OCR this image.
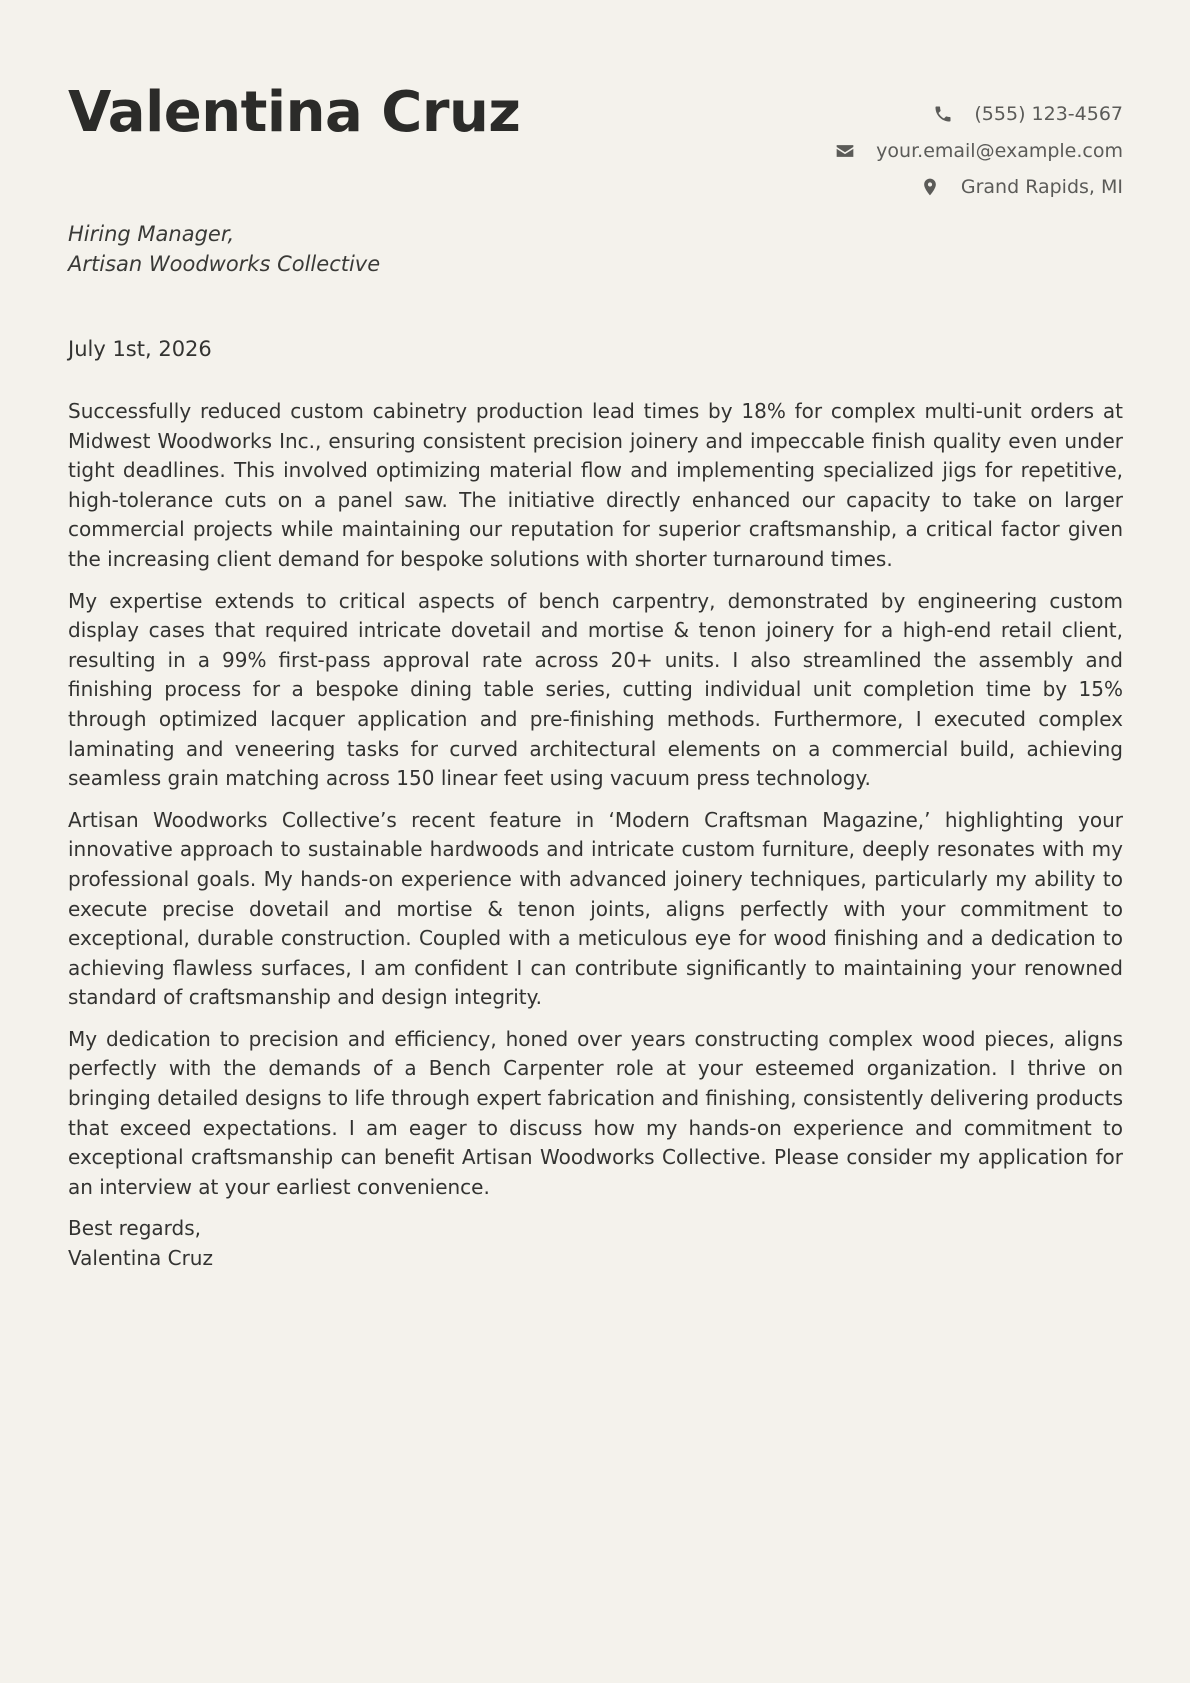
Valentina Cruz	(555) 123-4567
your.email@example.com
Grand Rapids, MI
Hiring Manager,
Artisan Woodworks Collective
July 1st, 2026

Successfully reduced custom cabinetry production lead times by 18% for complex multi-unit orders at Midwest Woodworks Inc., ensuring consistent precision joinery and impeccable finish quality even under tight deadlines. This involved optimizing material flow and implementing specialized jigs for repetitive, high-tolerance cuts on a panel saw. The initiative directly enhanced our capacity to take on larger commercial projects while maintaining our reputation for superior craftsmanship, a critical factor given the increasing client demand for bespoke solutions with shorter turnaround times.

My expertise extends to critical aspects of bench carpentry, demonstrated by engineering custom display cases that required intricate dovetail and mortise & tenon joinery for a high-end retail client, resulting in a 99% first-pass approval rate across 20+ units. I also streamlined the assembly and finishing process for a bespoke dining table series, cutting individual unit completion time by 15% through optimized lacquer application and pre-finishing methods. Furthermore, I executed complex laminating and veneering tasks for curved architectural elements on a commercial build, achieving seamless grain matching across 150 linear feet using vacuum press technology.

Artisan Woodworks Collective’s recent feature in ‘Modern Craftsman Magazine,’ highlighting your innovative approach to sustainable hardwoods and intricate custom furniture, deeply resonates with my professional goals. My hands-on experience with advanced joinery techniques, particularly my ability to execute precise dovetail and mortise & tenon joints, aligns perfectly with your commitment to exceptional, durable construction. Coupled with a meticulous eye for wood finishing and a dedication to achieving flawless surfaces, I am confident I can contribute significantly to maintaining your renowned standard of craftsmanship and design integrity.

My dedication to precision and efficiency, honed over years constructing complex wood pieces, aligns perfectly with the demands of a Bench Carpenter role at your esteemed organization. I thrive on bringing detailed designs to life through expert fabrication and finishing, consistently delivering products that exceed expectations. I am eager to discuss how my hands-on experience and commitment to exceptional craftsmanship can benefit Artisan Woodworks Collective. Please consider my application for an interview at your earliest convenience.

Best regards,
Valentina Cruz
